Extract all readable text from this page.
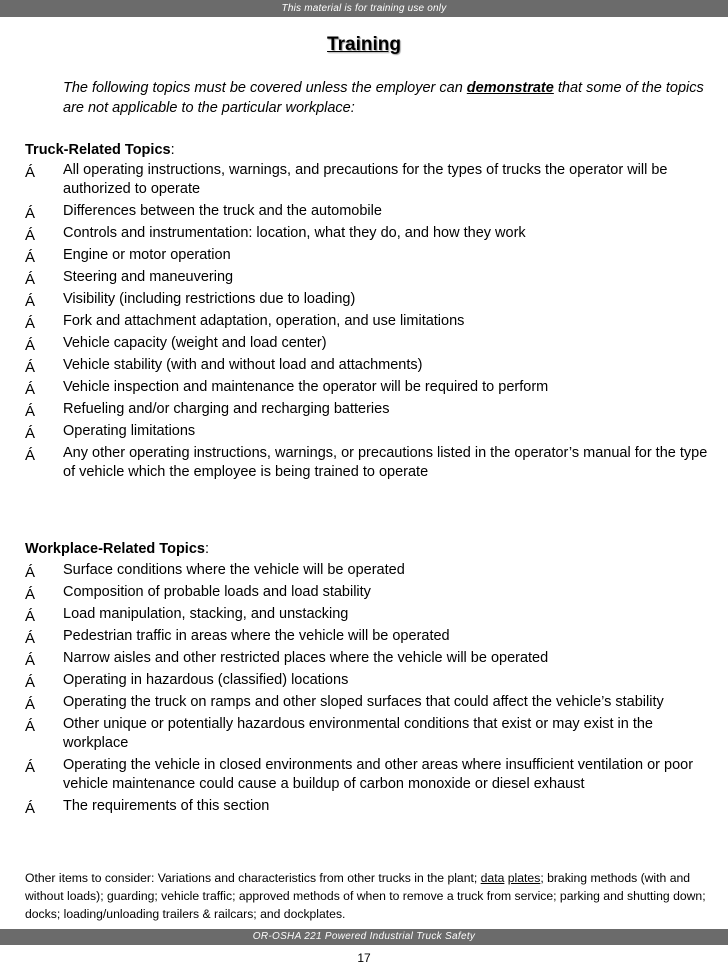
This material is for training use only
Training
The following topics must be covered unless the employer can demonstrate that some of the topics are not applicable to the particular workplace:
Truck-Related Topics:
Á All operating instructions, warnings, and precautions for the types of trucks the operator will be authorized to operate
Á Differences between the truck and the automobile
Á Controls and instrumentation: location, what they do, and how they work
Á Engine or motor operation
Á Steering and maneuvering
Á Visibility (including restrictions due to loading)
Á Fork and attachment adaptation, operation, and use limitations
Á Vehicle capacity (weight and load center)
Á Vehicle stability (with and without load and attachments)
Á Vehicle inspection and maintenance the operator will be required to perform
Á Refueling and/or charging and recharging batteries
Á Operating limitations
Á Any other operating instructions, warnings, or precautions listed in the operator’s manual for the type of vehicle which the employee is being trained to operate
Workplace-Related Topics:
Á Surface conditions where the vehicle will be operated
Á Composition of probable loads and load stability
Á Load manipulation, stacking, and unstacking
Á Pedestrian traffic in areas where the vehicle will be operated
Á Narrow aisles and other restricted places where the vehicle will be operated
Á Operating in hazardous (classified) locations
Á Operating the truck on ramps and other sloped surfaces that could affect the vehicle’s stability
Á Other unique or potentially hazardous environmental conditions that exist or may exist in the workplace
Á Operating the vehicle in closed environments and other areas where insufficient ventilation or poor vehicle maintenance could cause a buildup of carbon monoxide or diesel exhaust
Á The requirements of this section
Other items to consider: Variations and characteristics from other trucks in the plant; data plates; braking methods (with and without loads); guarding; vehicle traffic; approved methods of when to remove a truck from service; parking and shutting down; docks; loading/unloading trailers & railcars; and dockplates.
OR-OSHA 221 Powered Industrial Truck Safety
17
